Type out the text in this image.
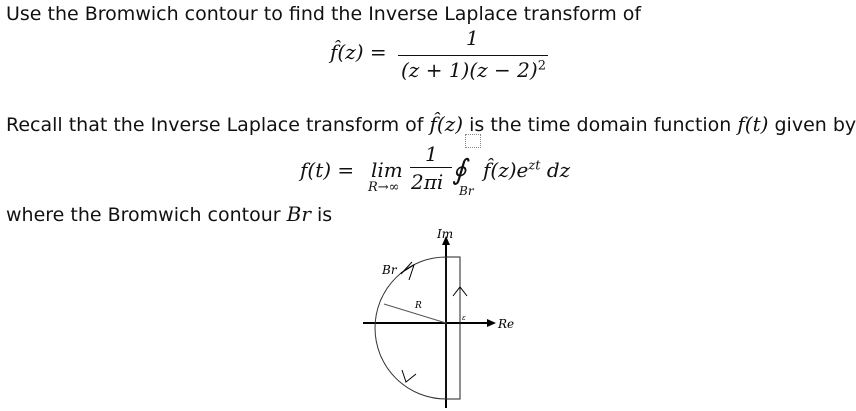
Use the Bromwich contour to find the Inverse Laplace transform of
f̂(z) =
1
$(z + 1)(z - 2)^2$
Recall that the Inverse Laplace transform of f̂(z) is the time domain function f(t) given by
f(t) = lim
R→∞
1
2πi ∮
Br
$f̂(z)e^{zt}$ dz
where the Bromwich contour Br is
Im
Re
Br
R
ε
